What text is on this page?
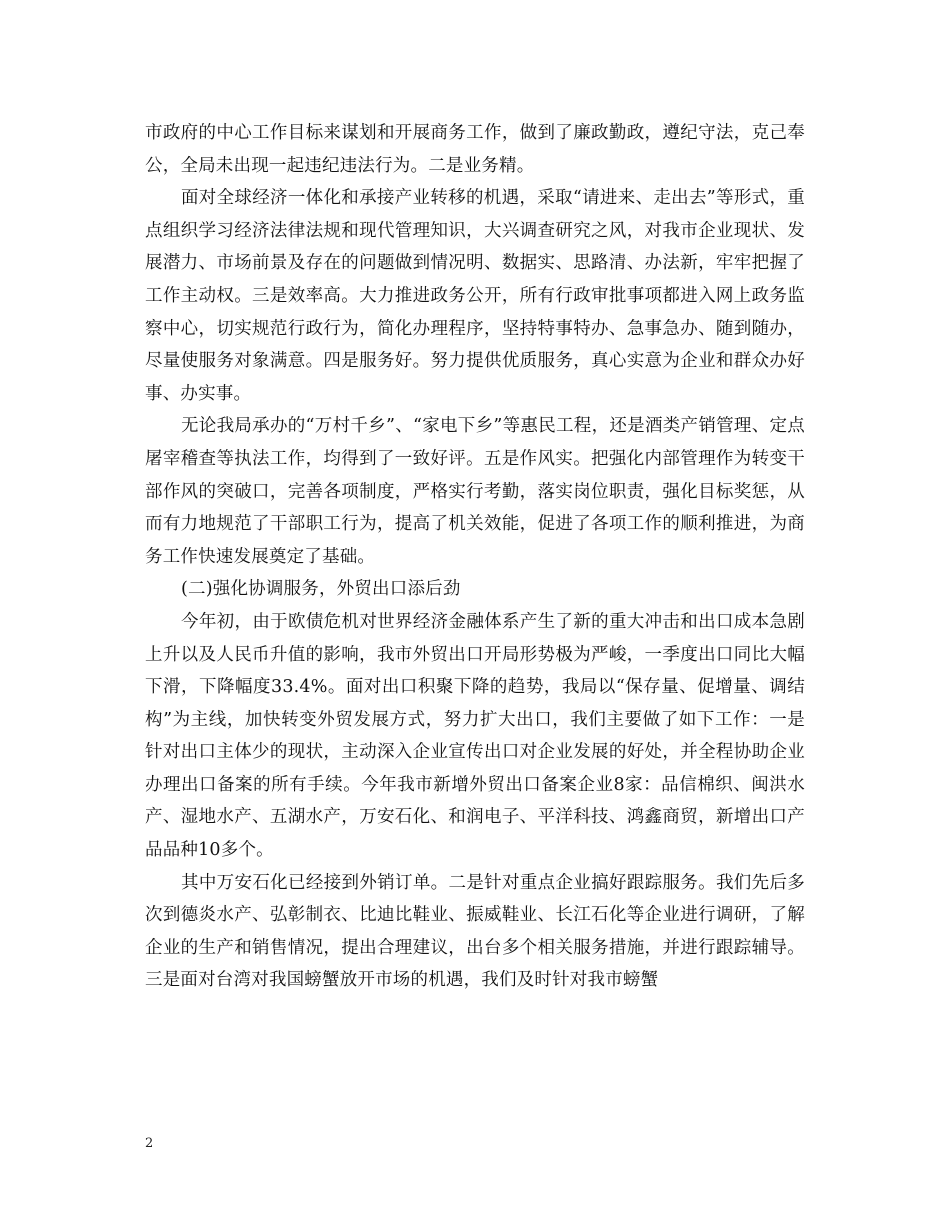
市政府的中心工作目标来谋划和开展商务工作，做到了廉政勤政，遵纪守法，克己奉公，全局未出现一起违纪违法行为。二是业务精。

面对全球经济一体化和承接产业转移的机遇，采取“请进来、走出去”等形式，重点组织学习经济法律法规和现代管理知识，大兴调查研究之风，对我市企业现状、发展潜力、市场前景及存在的问题做到情况明、数据实、思路清、办法新，牢牢把握了工作主动权。三是效率高。大力推进政务公开，所有行政审批事项都进入网上政务监察中心，切实规范行政行为，简化办理程序，坚持特事特办、急事急办、随到随办，尽量使服务对象满意。四是服务好。努力提供优质服务，真心实意为企业和群众办好事、办实事。

无论我局承办的“万村千乡”、“家电下乡”等惠民工程，还是酒类产销管理、定点屠宰稽查等执法工作，均得到了一致好评。五是作风实。把强化内部管理作为转变干部作风的突破口，完善各项制度，严格实行考勤，落实岗位职责，强化目标奖惩，从而有力地规范了干部职工行为，提高了机关效能，促进了各项工作的顺利推进，为商务工作快速发展奠定了基础。

(二)强化协调服务，外贸出口添后劲

今年初，由于欧债危机对世界经济金融体系产生了新的重大冲击和出口成本急剧上升以及人民币升值的影响，我市外贸出口开局形势极为严峻，一季度出口同比大幅下滑，下降幅度33.4%。面对出口积聚下降的趋势，我局以“保存量、促增量、调结构”为主线，加快转变外贸发展方式，努力扩大出口，我们主要做了如下工作：一是针对出口主体少的现状，主动深入企业宣传出口对企业发展的好处，并全程协助企业办理出口备案的所有手续。今年我市新增外贸出口备案企业8家：品信棉织、闽洪水产、湿地水产、五湖水产，万安石化、和润电子、平洋科技、鸿鑫商贸，新增出口产品品种10多个。

其中万安石化已经接到外销订单。二是针对重点企业搞好跟踪服务。我们先后多次到德炎水产、弘彰制衣、比迪比鞋业、振威鞋业、长江石化等企业进行调研，了解企业的生产和销售情况，提出合理建议，出台多个相关服务措施，并进行跟踪辅导。三是面对台湾对我国螃蟹放开市场的机遇，我们及时针对我市螃蟹

2
